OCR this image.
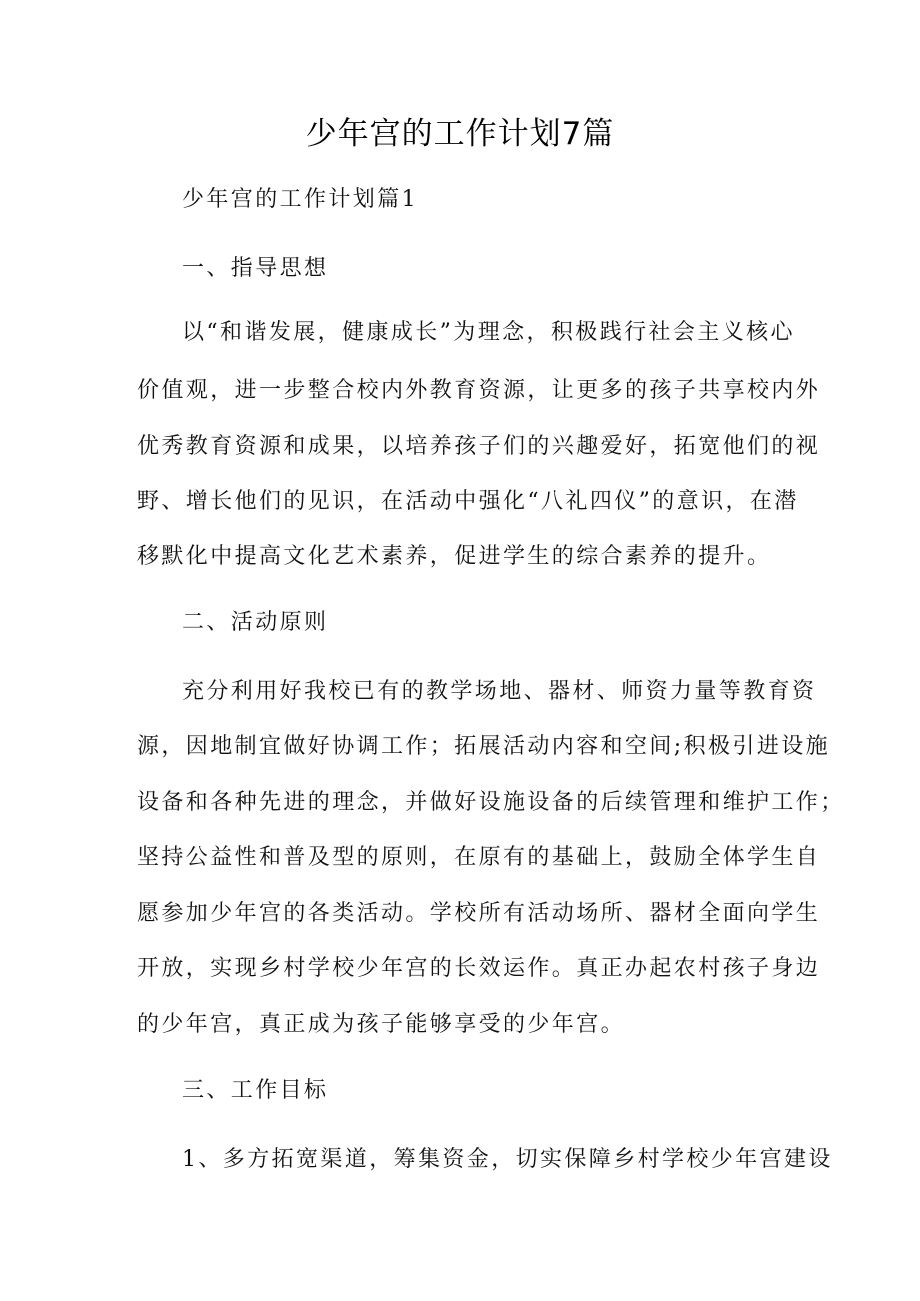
少年宫的工作计划7篇

少年宫的工作计划篇1

一、指导思想

以“和谐发展，健康成长”为理念，积极践行社会主义核心

价值观，进一步整合校内外教育资源，让更多的孩子共享校内外

优秀教育资源和成果，以培养孩子们的兴趣爱好，拓宽他们的视

野、增长他们的见识，在活动中强化“八礼四仪”的意识，在潜

移默化中提高文化艺术素养，促进学生的综合素养的提升。

二、活动原则

充分利用好我校已有的教学场地、器材、师资力量等教育资

源，因地制宜做好协调工作；拓展活动内容和空间;积极引进设施

设备和各种先进的理念，并做好设施设备的后续管理和维护工作；

坚持公益性和普及型的原则，在原有的基础上，鼓励全体学生自

愿参加少年宫的各类活动。学校所有活动场所、器材全面向学生

开放，实现乡村学校少年宫的长效运作。真正办起农村孩子身边

的少年宫，真正成为孩子能够享受的少年宫。

三、工作目标

1、多方拓宽渠道，筹集资金，切实保障乡村学校少年宫建设
